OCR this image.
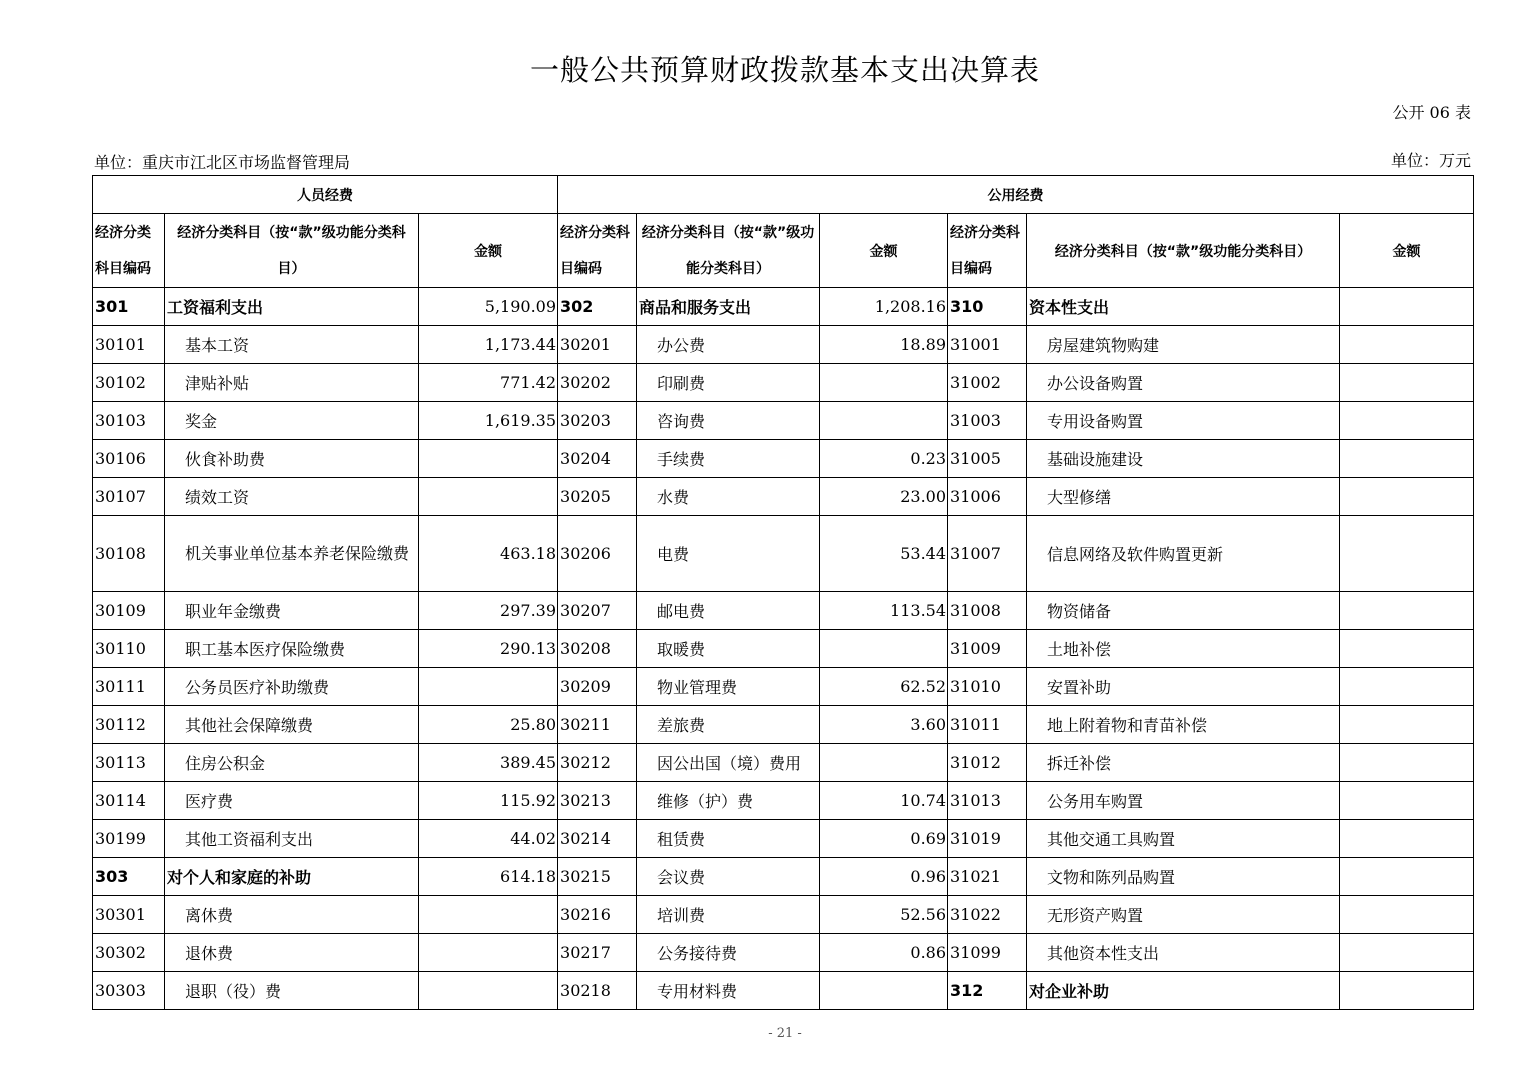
一般公共预算财政拨款基本支出决算表
公开 06 表
单位：重庆市江北区市场监督管理局	单位：万元
人员经费			公用经费					
经济分类科目编码	经济分类科目（按“款”级功能分类科目）	金额	经济分类科目编码	经济分类科目（按“款”级功能分类科目）	金额	经济分类科目编码	经济分类科目（按“款”级功能分类科目）	金额
301	工资福利支出	5,190.09	302	商品和服务支出	1,208.16	310	资本性支出	
30101	基本工资	1,173.44	30201	办公费	18.89	31001	房屋建筑物购建	
30102	津贴补贴	771.42	30202	印刷费		31002	办公设备购置	
30103	奖金	1,619.35	30203	咨询费		31003	专用设备购置	
30106	伙食补助费		30204	手续费	0.23	31005	基础设施建设	
30107	绩效工资		30205	水费	23.00	31006	大型修缮	
30108	机关事业单位基本养老保险缴费	463.18	30206	电费	53.44	31007	信息网络及软件购置更新	
30109	职业年金缴费	297.39	30207	邮电费	113.54	31008	物资储备	
30110	职工基本医疗保险缴费	290.13	30208	取暖费		31009	土地补偿	
30111	公务员医疗补助缴费		30209	物业管理费	62.52	31010	安置补助	
30112	其他社会保障缴费	25.80	30211	差旅费	3.60	31011	地上附着物和青苗补偿	
30113	住房公积金	389.45	30212	因公出国（境）费用		31012	拆迁补偿	
30114	医疗费	115.92	30213	维修（护）费	10.74	31013	公务用车购置	
30199	其他工资福利支出	44.02	30214	租赁费	0.69	31019	其他交通工具购置	
303	对个人和家庭的补助	614.18	30215	会议费	0.96	31021	文物和陈列品购置	
30301	离休费		30216	培训费	52.56	31022	无形资产购置	
30302	退休费		30217	公务接待费	0.86	31099	其他资本性支出	
30303	退职（役）费		30218	专用材料费		312	对企业补助	
- 21 -
